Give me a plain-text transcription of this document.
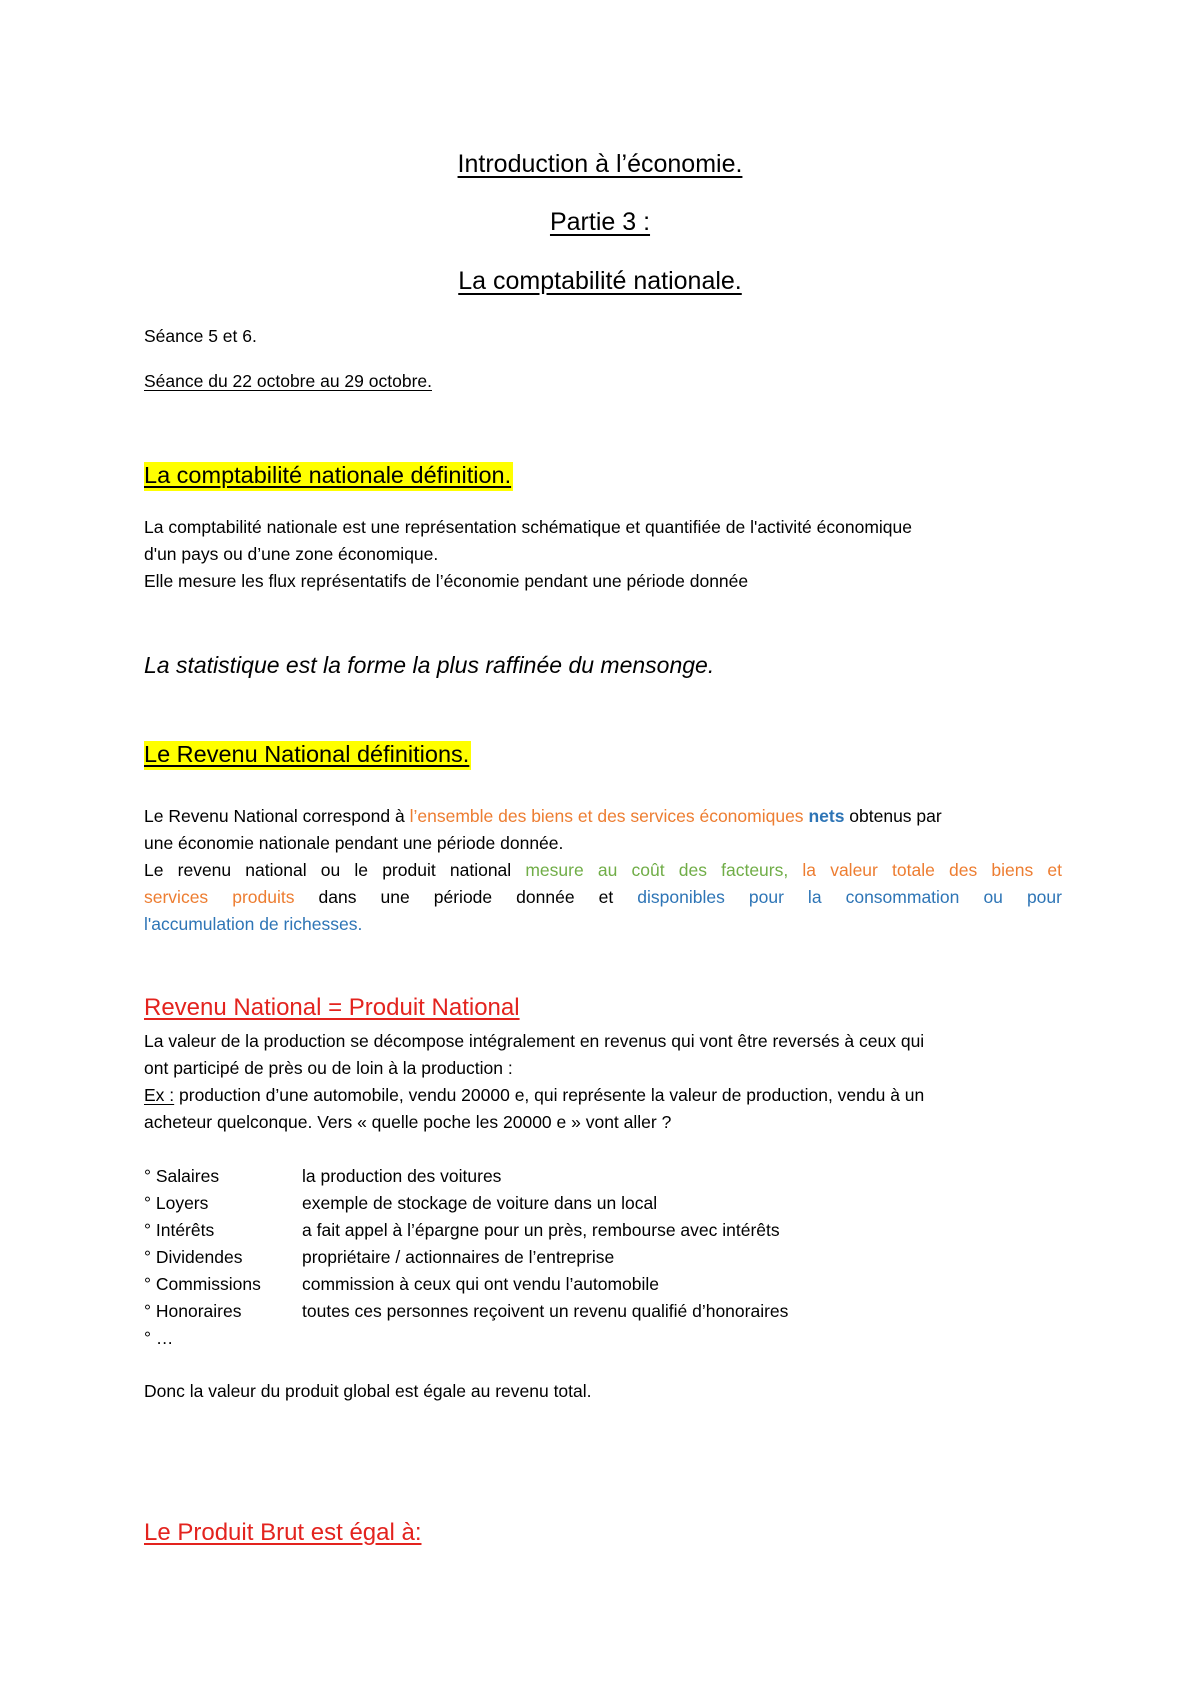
Introduction à l’économie.
Partie 3 :
La comptabilité nationale.
Séance 5 et 6.
Séance du 22 octobre au 29 octobre.
La comptabilité nationale définition.
La comptabilité nationale est une représentation schématique et quantifiée de l'activité économique
d'un pays ou d’une zone économique.
Elle mesure les flux représentatifs de l’économie pendant une période donnée
La statistique est la forme la plus raffinée du mensonge.
Le Revenu National définitions.
Le Revenu National correspond à l’ensemble des biens et des services économiques nets obtenus par
une économie nationale pendant une période donnée.
Le revenu national ou le produit national mesure au coût des facteurs, la valeur totale des biens et
services produits dans une période donnée et disponibles pour la consommation ou pour
l'accumulation de richesses.
Revenu National = Produit National
La valeur de la production se décompose intégralement en revenus qui vont être reversés à ceux qui
ont participé de près ou de loin à la production :
Ex : production d’une automobile, vendu 20000 e, qui représente la valeur de production, vendu à un
acheteur quelconque. Vers « quelle poche les 20000 e » vont aller ?
° Salaires	la production des voitures
° Loyers	exemple de stockage de voiture dans un local
° Intérêts	a fait appel à l’épargne pour un près, rembourse avec intérêts
° Dividendes	propriétaire / actionnaires de l’entreprise
° Commissions commission à ceux qui ont vendu l’automobile
° Honoraires	toutes ces personnes reçoivent un revenu qualifié d’honoraires
° …
Donc la valeur du produit global est égale au revenu total.
Le Produit Brut est égal à:
